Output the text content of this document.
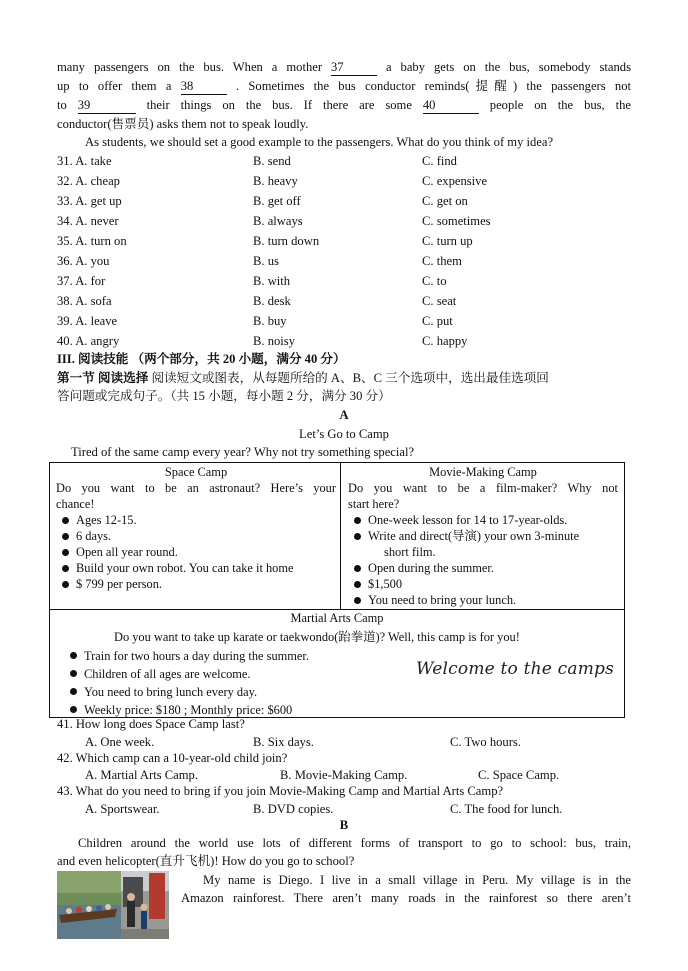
many passengers on the bus. When a mother 37	a baby gets on the bus, somebody stands
up to offer them a 38	. Sometimes the bus conductor reminds(提醒) the passengers not
to 39	their things on the bus. If there are some 40	people on the bus, the
conductor(售票员) asks them not to speak loudly.
As students, we should set a good example to the passengers. What do you think of my idea?
31. A. take	B. send	C. find
32. A. cheap	B. heavy	C. expensive
33. A. get up	B. get off	C. get on
34. A. never	B. always	C. sometimes
35. A. turn on	B. turn down	C. turn up
36. A. you	B. us	C. them
37. A. for	B. with	C. to
38. A. sofa	B. desk	C. seat
39. A. leave	B. buy	C. put
40. A. angry	B. noisy	C. happy
III. 阅读技能 （两个部分，共 20 小题，满分 40 分）
第一节 阅读选择 阅读短文或图表，从每题所给的 A、B、C 三个选项中，选出最佳选项回
答问题或完成句子。（共 15 小题，每小题 2 分，满分 30 分）
A
Let’s Go to Camp
Tired of the same camp every year? Why not try something special?
Space Camp
Do you want to be an astronaut? Here’s your
chance!
Ages 12-15.
6 days.
Open all year round.
Build your own robot. You can take it home
$ 799 per person.
Movie-Making Camp
Do you want to be a film-maker? Why not
start here?
One-week lesson for 14 to 17-year-olds.
Write and direct(导演) your own 3-minute
short film.
Open during the summer.
$1,500
You need to bring your lunch.
Martial Arts Camp
Do you want to take up karate or taekwondo(跆拳道)? Well, this camp is for you!
Train for two hours a day during the summer.
Children of all ages are welcome.
You need to bring lunch every day.
Weekly price: $180 ; Monthly price: $600
Welcome to the camps
41. How long does Space Camp last?
A. One week.	B. Six days.	C. Two hours.
42. Which camp can a 10-year-old child join?
A. Martial Arts Camp.	B. Movie-Making Camp.	C. Space Camp.
43. What do you need to bring if you join Movie-Making Camp and Martial Arts Camp?
A. Sportswear.	B. DVD copies.	C. The food for lunch.
B
Children around the world use lots of different forms of transport to go to school: bus, train,
and even helicopter(直升飞机)! How do you go to school?
My name is Diego. I live in a small village in Peru. My village is in the
Amazon rainforest. There aren’t many roads in the rainforest so there aren’t
